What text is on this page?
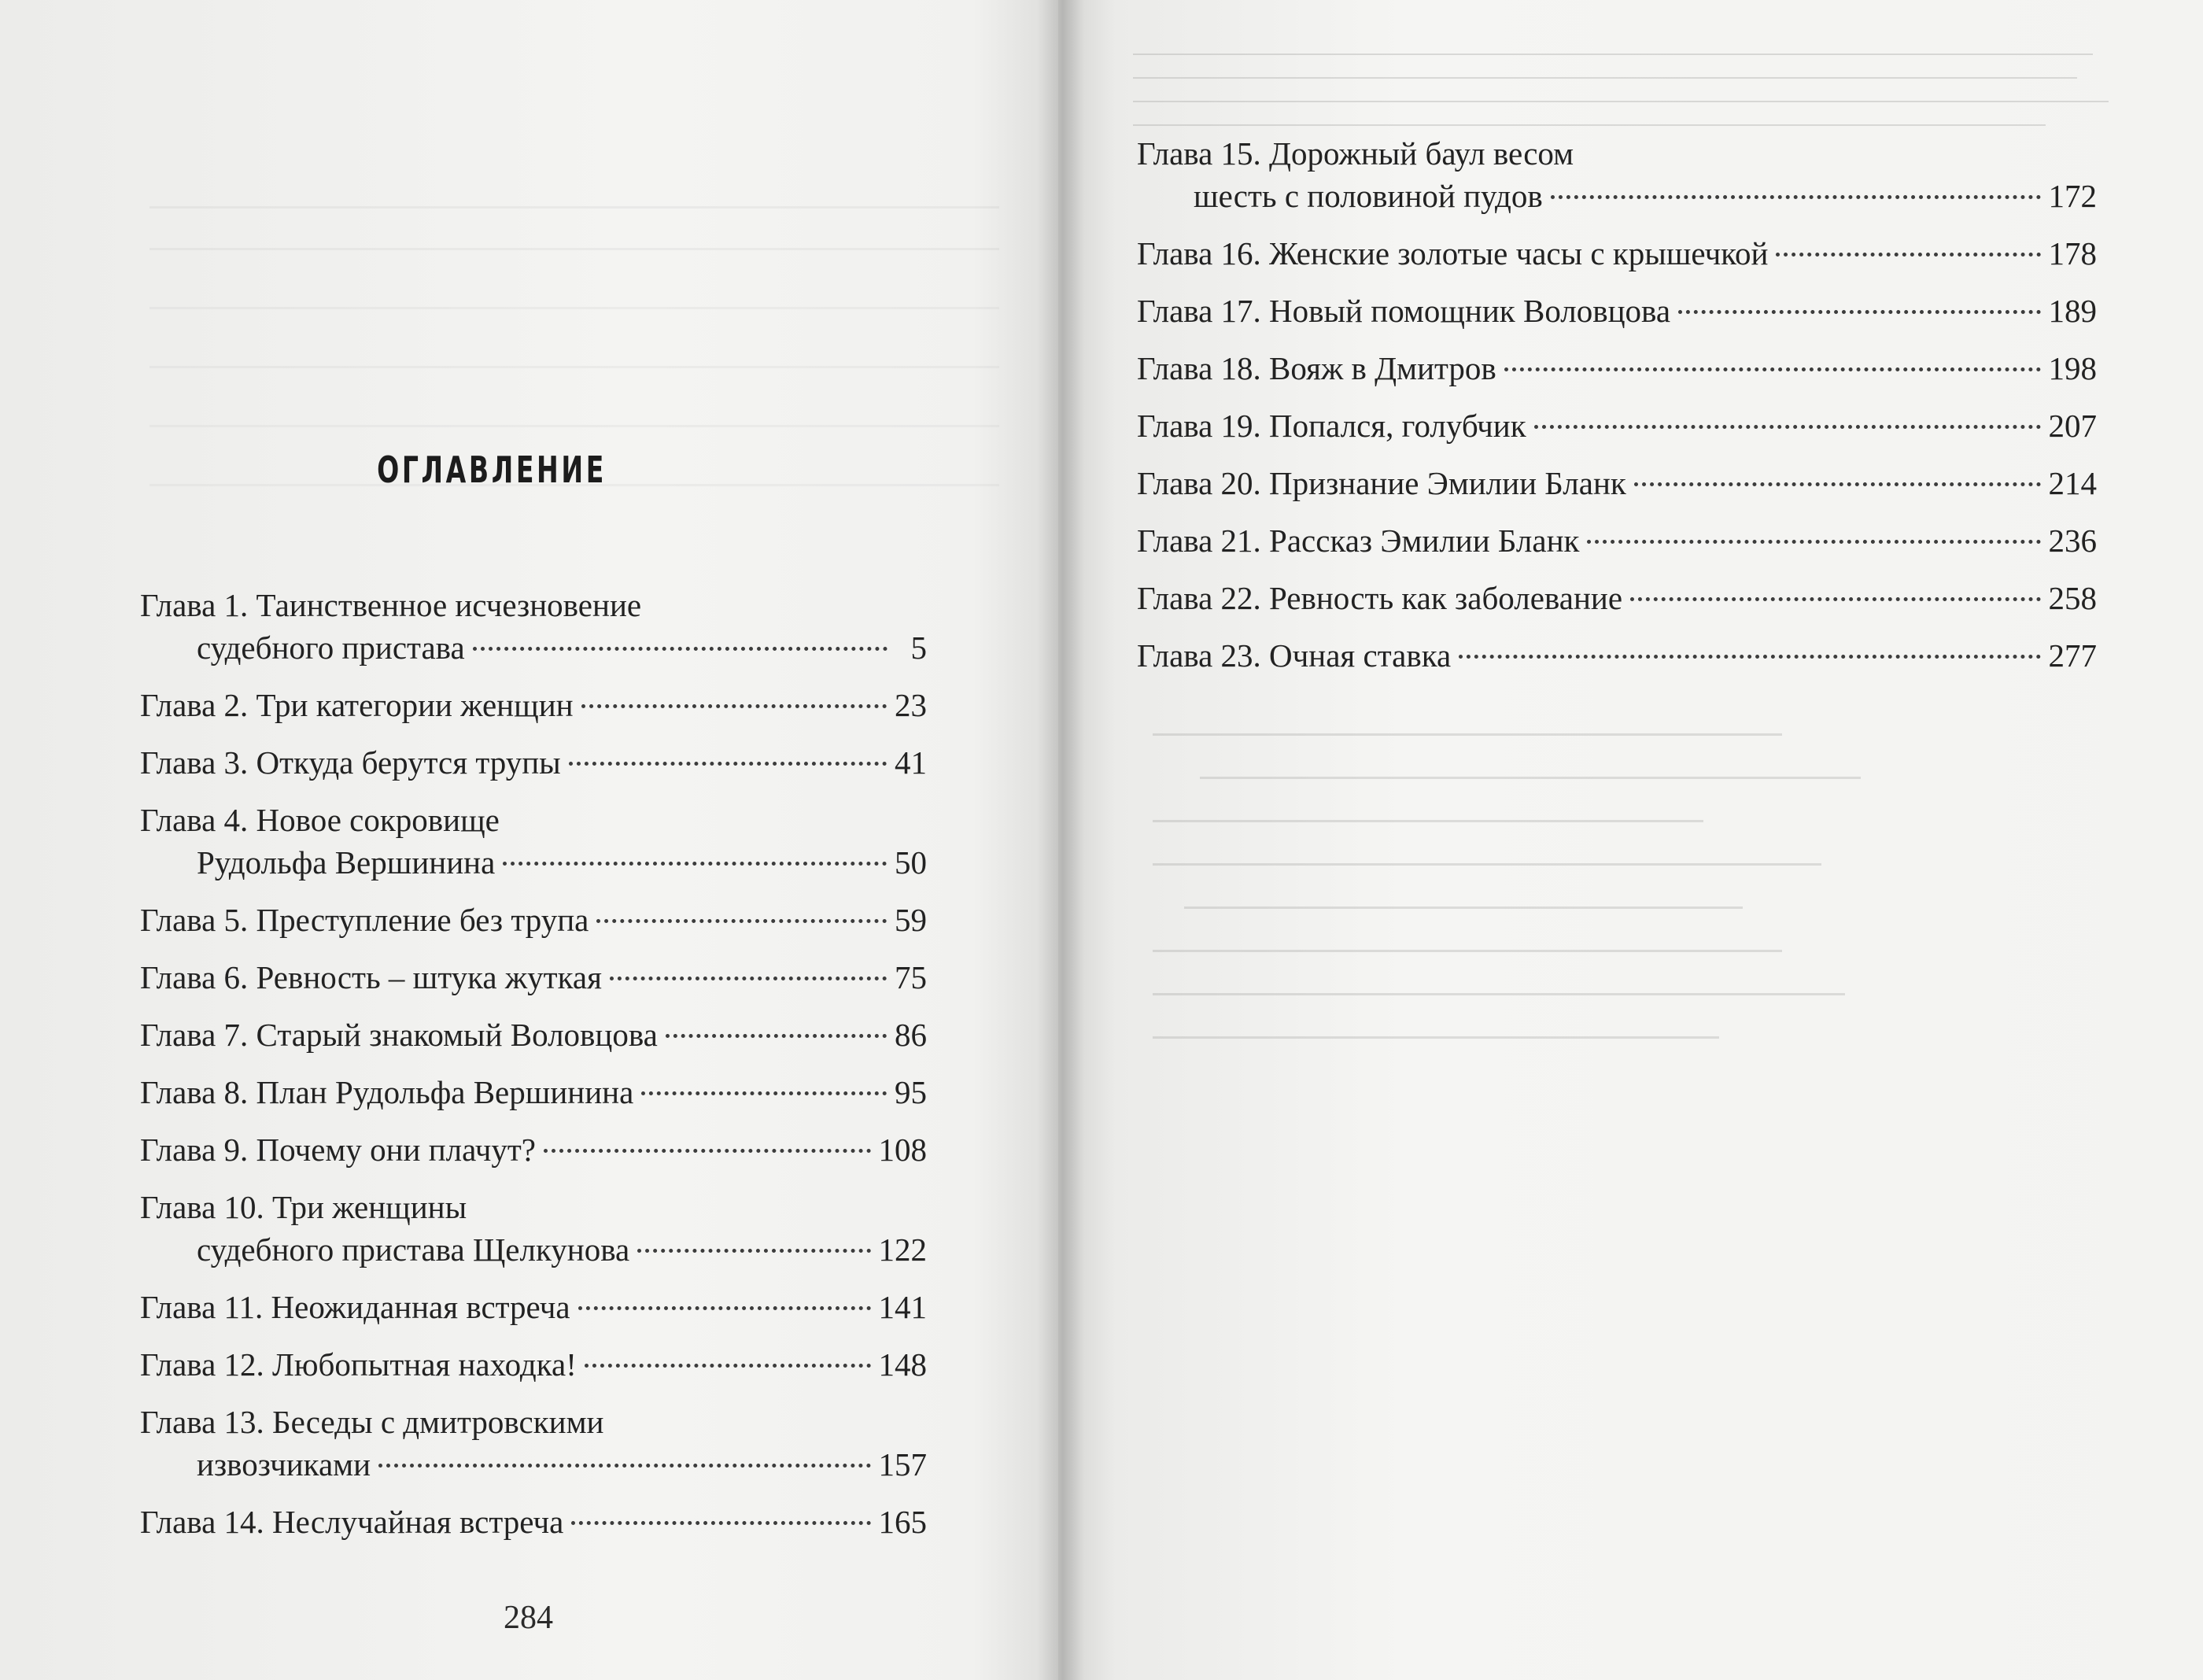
ОГЛАВЛЕНИЕ
Глава 1. Таинственное исчезновение
судебного пристава	5
Глава 2. Три категории женщин	23
Глава 3. Откуда берутся трупы	41
Глава 4. Новое сокровище
Рудольфа Вершинина	50
Глава 5. Преступление без трупа	59
Глава 6. Ревность – штука жуткая	75
Глава 7. Старый знакомый Воловцова	86
Глава 8. План Рудольфа Вершинина	95
Глава 9. Почему они плачут?	108
Глава 10. Три женщины
судебного пристава Щелкунова	122
Глава 11. Неожиданная встреча	141
Глава 12. Любопытная находка!	148
Глава 13. Беседы с дмитровскими
извозчиками	157
Глава 14. Неслучайная встреча	165
284
Глава 15. Дорожный баул весом
шесть с половиной пудов	172
Глава 16. Женские золотые часы с крышечкой	178
Глава 17. Новый помощник Воловцова	189
Глава 18. Вояж в Дмитров	198
Глава 19. Попался, голубчик	207
Глава 20. Признание Эмилии Бланк	214
Глава 21. Рассказ Эмилии Бланк	236
Глава 22. Ревность как заболевание	258
Глава 23. Очная ставка	277
